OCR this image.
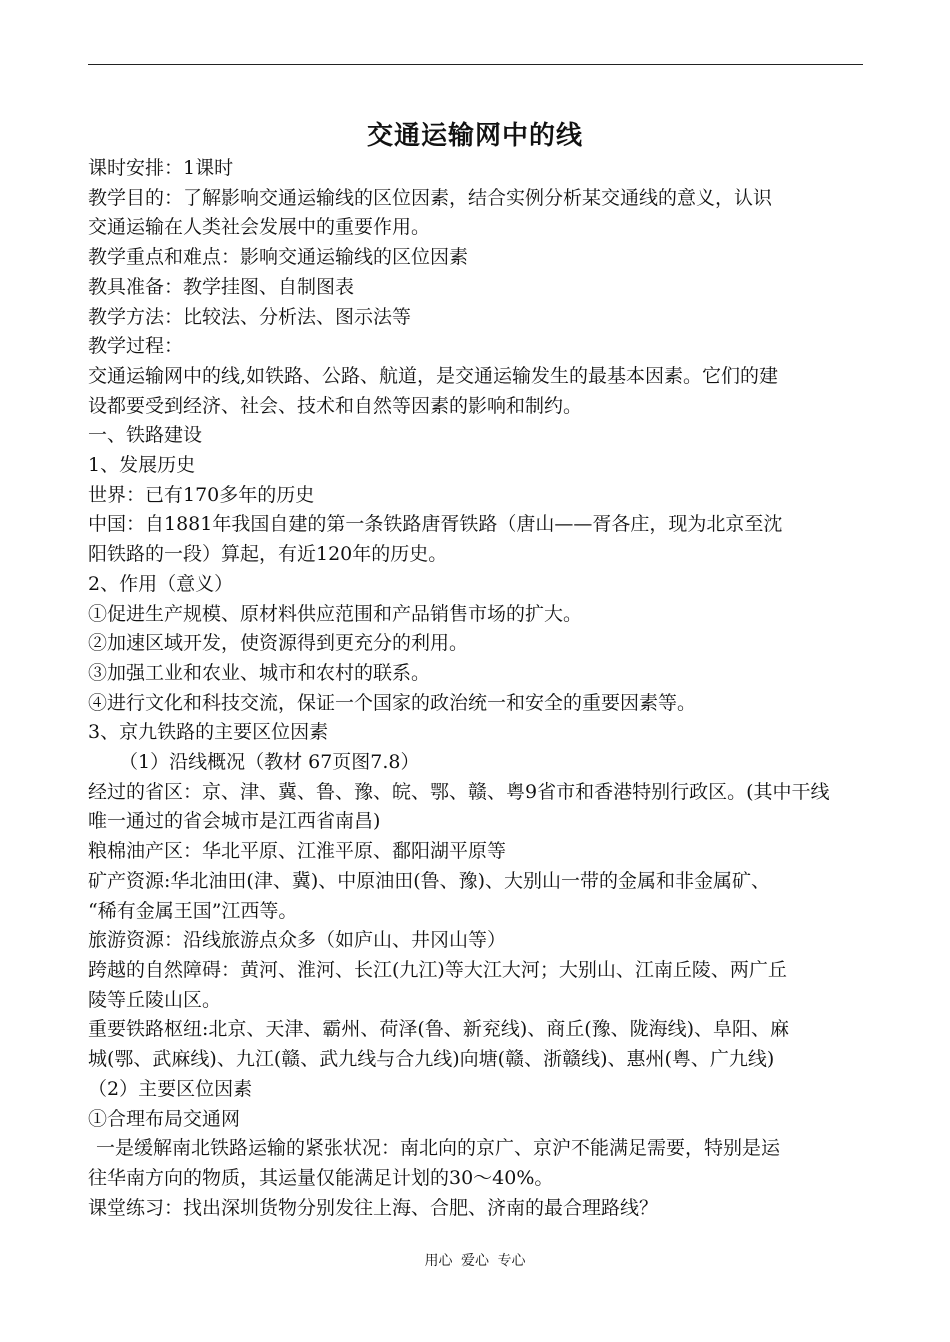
交通运输网中的线
课时安排：1课时
教学目的：了解影响交通运输线的区位因素，结合实例分析某交通线的意义，认识
交通运输在人类社会发展中的重要作用。
教学重点和难点：影响交通运输线的区位因素
教具准备：教学挂图、自制图表
教学方法：比较法、分析法、图示法等
教学过程：
交通运输网中的线,如铁路、公路、航道，是交通运输发生的最基本因素。它们的建
设都要受到经济、社会、技术和自然等因素的影响和制约。
一、铁路建设
1、发展历史
世界：已有170多年的历史
中国：自1881年我国自建的第一条铁路唐胥铁路（唐山——胥各庄，现为北京至沈
阳铁路的一段）算起，有近120年的历史。
2、作用（意义）
①促进生产规模、原材料供应范围和产品销售市场的扩大。
②加速区域开发，使资源得到更充分的利用。
③加强工业和农业、城市和农村的联系。
④进行文化和科技交流，保证一个国家的政治统一和安全的重要因素等。
3、京九铁路的主要区位因素
（1）沿线概况（教材 67页图7.8）
经过的省区：京、津、冀、鲁、豫、皖、鄂、赣、粤9省市和香港特别行政区。(其中干线
唯一通过的省会城市是江西省南昌)
粮棉油产区：华北平原、江淮平原、鄱阳湖平原等
矿产资源:华北油田(津、冀)、中原油田(鲁、豫)、大别山一带的金属和非金属矿、
“稀有金属王国”江西等。
旅游资源：沿线旅游点众多（如庐山、井冈山等）
跨越的自然障碍：黄河、淮河、长江(九江)等大江大河；大别山、江南丘陵、两广丘
陵等丘陵山区。
重要铁路枢纽:北京、天津、霸州、荷泽(鲁、新兖线)、商丘(豫、陇海线)、阜阳、麻
城(鄂、武麻线)、九江(赣、武九线与合九线)向塘(赣、浙赣线)、惠州(粤、广九线)
（2）主要区位因素
①合理布局交通网
一是缓解南北铁路运输的紧张状况：南北向的京广、京沪不能满足需要，特别是运
往华南方向的物质，其运量仅能满足计划的30～40%。
课堂练习：找出深圳货物分别发往上海、合肥、济南的最合理路线？
用心 爱心 专心
